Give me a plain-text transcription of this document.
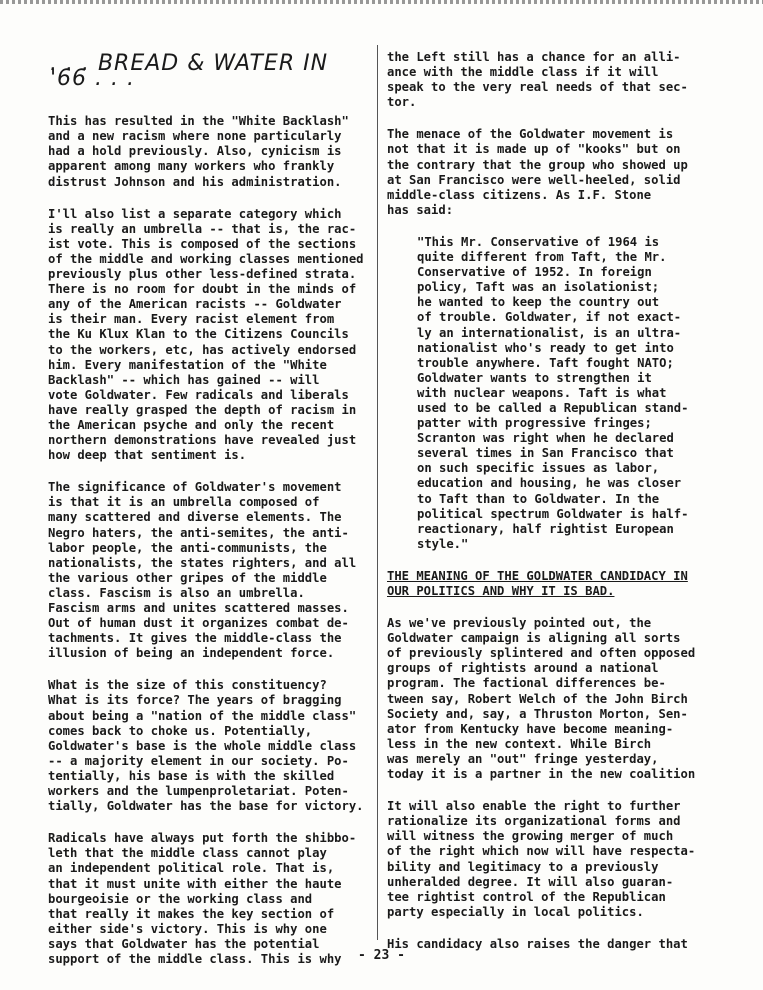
. . . BREAD & WATER IN '66 . . .

This has resulted in the "White Backlash"
and a new racism where none particularly
had a hold previously. Also, cynicism is
apparent among many workers who frankly
distrust Johnson and his administration.

I'll also list a separate category which
is really an umbrella -- that is, the rac-
ist vote. This is composed of the sections
of the middle and working classes mentioned
previously plus other less-defined strata.
There is no room for doubt in the minds of
any of the American racists -- Goldwater
is their man. Every racist element from
the Ku Klux Klan to the Citizens Councils
to the workers, etc, has actively endorsed
him. Every manifestation of the "White
Backlash" -- which has gained -- will
vote Goldwater. Few radicals and liberals
have really grasped the depth of racism in
the American psyche and only the recent
northern demonstrations have revealed just
how deep that sentiment is.

The significance of Goldwater's movement
is that it is an umbrella composed of
many scattered and diverse elements. The
Negro haters, the anti-semites, the anti-
labor people, the anti-communists, the
nationalists, the states righters, and all
the various other gripes of the middle
class. Fascism is also an umbrella.
Fascism arms and unites scattered masses.
Out of human dust it organizes combat de-
tachments. It gives the middle-class the
illusion of being an independent force.

What is the size of this constituency?
What is its force? The years of bragging
about being a "nation of the middle class"
comes back to choke us. Potentially,
Goldwater's base is the whole middle class
-- a majority element in our society. Po-
tentially, his base is with the skilled
workers and the lumpenproletariat. Poten-
tially, Goldwater has the base for victory.

Radicals have always put forth the shibbo-
leth that the middle class cannot play
an independent political role. That is,
that it must unite with either the haute
bourgeoisie or the working class and
that really it makes the key section of
either side's victory. This is why one
says that Goldwater has the potential
support of the middle class. This is why

the Left still has a chance for an alli-
ance with the middle class if it will
speak to the very real needs of that sec-
tor.

The menace of the Goldwater movement is
not that it is made up of "kooks" but on
the contrary that the group who showed up
at San Francisco were well-heeled, solid
middle-class citizens. As I.F. Stone
has said:

"This Mr. Conservative of 1964 is
quite different from Taft, the Mr.
Conservative of 1952. In foreign
policy, Taft was an isolationist;
he wanted to keep the country out
of trouble. Goldwater, if not exact-
ly an internationalist, is an ultra-
nationalist who's ready to get into
trouble anywhere. Taft fought NATO;
Goldwater wants to strengthen it
with nuclear weapons. Taft is what
used to be called a Republican stand-
patter with progressive fringes;
Scranton was right when he declared
several times in San Francisco that
on such specific issues as labor,
education and housing, he was closer
to Taft than to Goldwater. In the
political spectrum Goldwater is half-
reactionary, half rightist European
style."
THE MEANING OF THE GOLDWATER CANDIDACY IN
OUR POLITICS AND WHY IT IS BAD.

As we've previously pointed out, the
Goldwater campaign is aligning all sorts
of previously splintered and often opposed
groups of rightists around a national
program. The factional differences be-
tween say, Robert Welch of the John Birch
Society and, say, a Thruston Morton, Sen-
ator from Kentucky have become meaning-
less in the new context. While Birch
was merely an "out" fringe yesterday,
today it is a partner in the new coalition

It will also enable the right to further
rationalize its organizational forms and
will witness the growing merger of much
of the right which now will have respecta-
bility and legitimacy to a previously
unheralded degree. It will also guaran-
tee rightist control of the Republican
party especially in local politics.

His candidacy also raises the danger that

- 23 -
